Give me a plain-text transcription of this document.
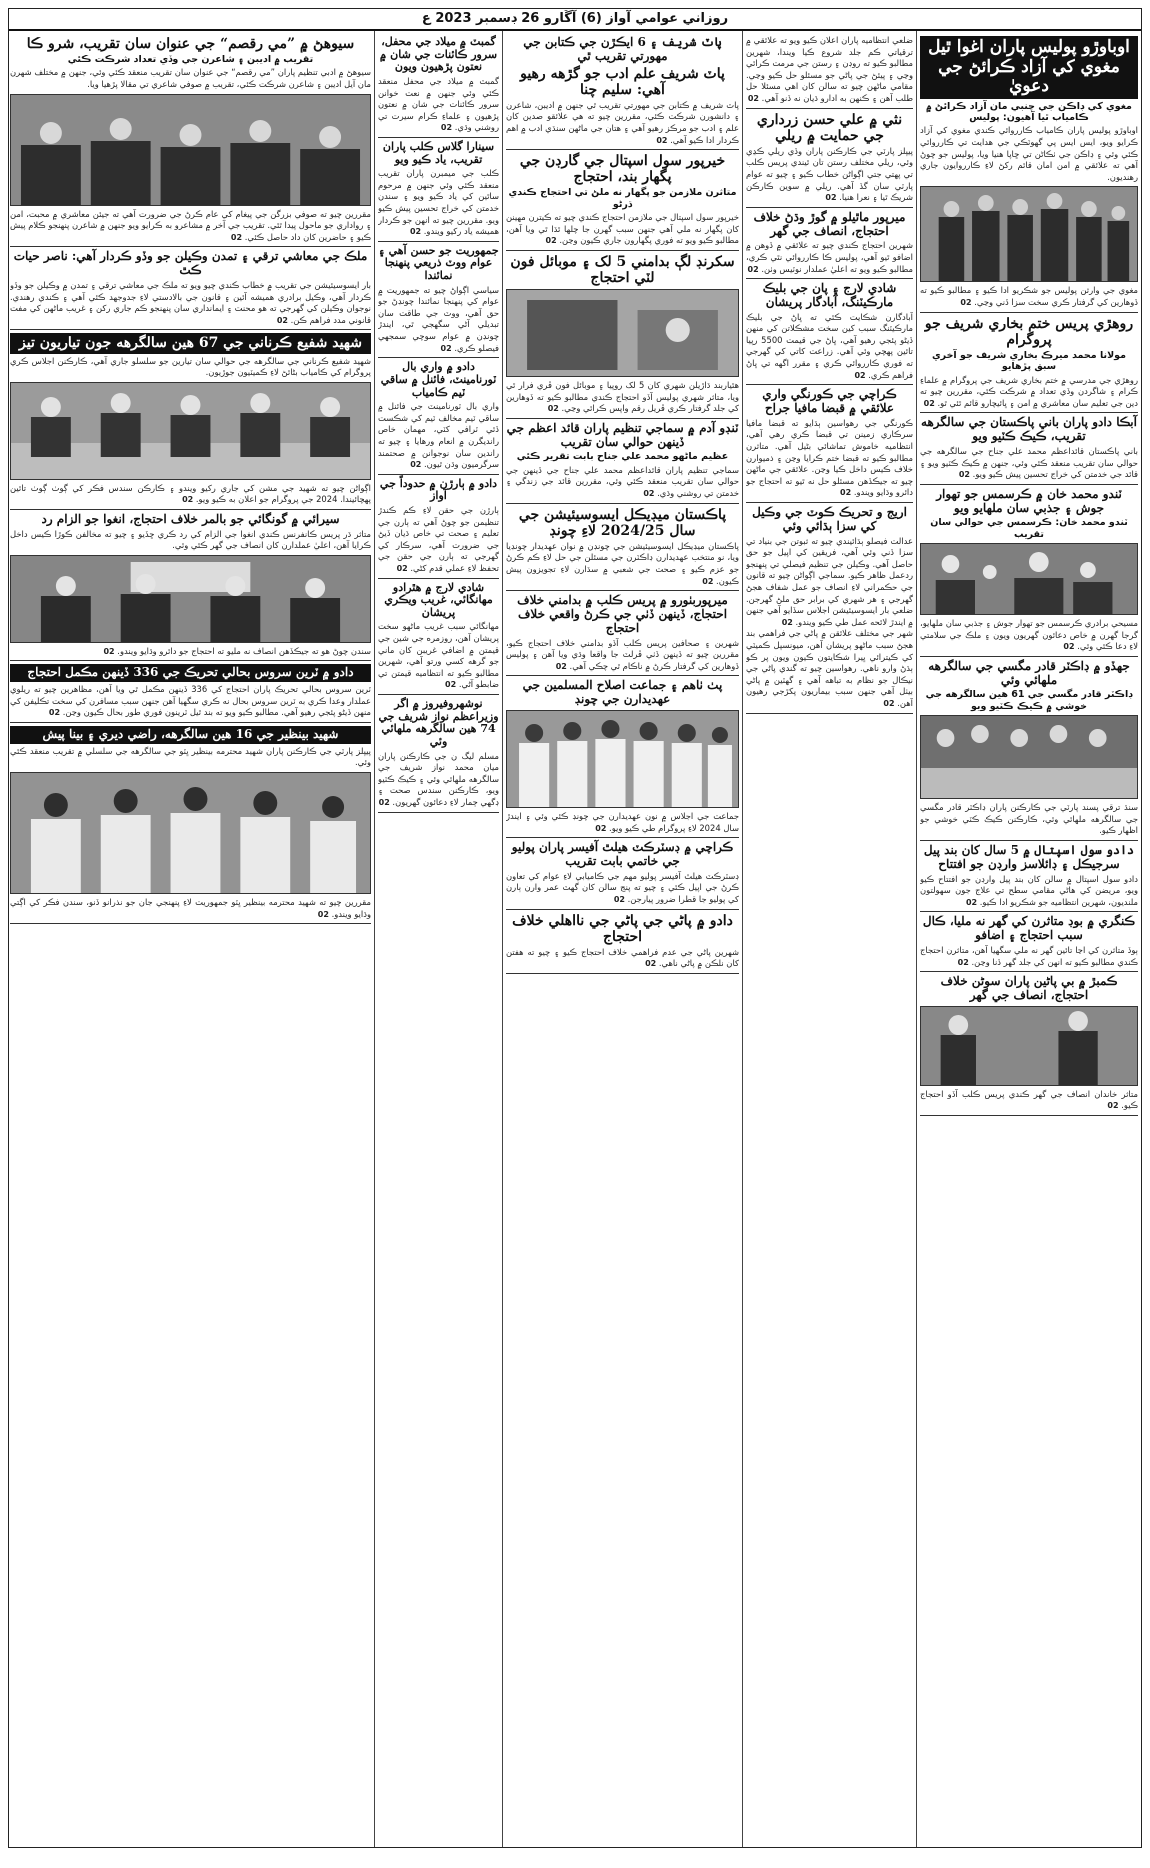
روزاني عوامي آواز (6) آڱارو 26 ڊسمبر 2023 ع
اوباوڙو پوليس پاران اغوا ٿيل مغوي کي آزاد ڪرائڻ جي دعويٰ
مغوي کي ڊاڪن جي چنبي مان آزاد ڪرائڻ ۾ ڪامياب ٿيا آهيون: پوليس

اوباوڙو پوليس پاران ڪامياب ڪارروائي ڪندي مغوي کي آزاد ڪرايو ويو، ايس ايس پي گهوٽڪي جي هدايت تي ڪارروائي ڪئي وئي ۽ ڊاڪن جي ٺڪاڻن تي ڇاپا هنيا ويا، پوليس جو چوڻ آهي ته علائقي ۾ امن امان قائم رکڻ لاءِ ڪارروايون جاري رهنديون.

مغوي جي وارثن پوليس جو شڪريو ادا ڪيو ۽ مطالبو ڪيو ته ڏوهارين کي گرفتار ڪري سخت سزا ڏني وڃي. 02

روهڙي پريس ختم بخاري شريف جو پروگرام
مولانا محمد ميرڪ بخاري شريف جو آخري سبق پڙهايو

روهڙي جي مدرسي ۾ ختم بخاري شريف جي پروگرام ۾ علماءِ ڪرام ۽ شاگردن وڏي تعداد ۾ شرڪت ڪئي، مقررين چيو ته دين جي تعليم سان معاشري ۾ امن ۽ ڀائيچارو قائم ٿئي ٿو. 02

آبڪا دادو پاران باني پاڪستان جي سالگرهه تقريب، ڪيڪ ڪٽيو ويو

باني پاڪستان قائداعظم محمد علي جناح جي سالگرهه جي حوالي سان تقريب منعقد ڪئي وئي، جنهن ۾ ڪيڪ ڪٽيو ويو ۽ قائد جي خدمتن کي خراج تحسين پيش ڪيو ويو. 02

ٽندو محمد خان ۾ ڪرسمس جو تهوار جوش ۽ جذبي سان ملهايو ويو
ٽندو محمد خان: ڪرسمس جي حوالي سان تقريب

مسيحي برادري ڪرسمس جو تهوار جوش ۽ جذبي سان ملهايو، گرجا گهرن ۾ خاص دعائون گهريون ويون ۽ ملڪ جي سلامتي لاءِ دعا ڪئي وئي. 02

جهڏو ۾ ڊاڪٽر قادر مگسي جي سالگرهه ملهائي وئي
ڊاڪٽر قادر مگسي جي 61 هين سالگرهه جي خوشي ۾ ڪيڪ ڪٽيو ويو

سنڌ ترقي پسند پارٽي جي ڪارڪنن پاران ڊاڪٽر قادر مگسي جي سالگرهه ملهائي وئي، ڪارڪنن ڪيڪ ڪٽي خوشي جو اظهار ڪيو.

دادو سول اسپتال ۾ 5 سال کان بند پيل سرجيڪل ۽ ڊائلاسز وارڊن جو افتتاح

دادو سول اسپتال ۾ سالن کان بند پيل وارڊن جو افتتاح ڪيو ويو، مريضن کي هاڻي مقامي سطح تي علاج جون سهولتون ملنديون، شهرين انتظاميه جو شڪريو ادا ڪيو. 02

ڪنگري ۾ بوڊ متاثرن کي گهر نه مليا، ڪال سبب احتجاج ۽ اضافو

ٻوڏ متاثرن کي اڃا تائين گهر نه ملي سگهيا آهن، متاثرن احتجاج ڪندي مطالبو ڪيو ته انهن کي جلد گهر ڏنا وڃن. 02

ڪمبڙ ۾ بي پاڻين پاران سوڻن خلاف احتجاج، انصاف جي گهر

متاثر خاندان انصاف جي گهر ڪندي پريس ڪلب آڏو احتجاج ڪيو. 02

ضلعي انتظاميه پاران اعلان ڪيو ويو ته علائقي ۾ ترقياتي ڪم جلد شروع ڪيا ويندا، شهرين مطالبو ڪيو ته روڊن ۽ رستن جي مرمت ڪرائي وڃي ۽ پيئڻ جي پاڻي جو مسئلو حل ڪيو وڃي. مقامي ماڻهن چيو ته سالن کان اهي مسئلا حل طلب آهن ۽ ڪنهن به ادارو ڌيان نه ڏنو آهي. 02

نثي ۾ علي حسن زرداري جي حمايت ۾ ريلي

پيپلز پارٽي جي ڪارڪنن پاران وڏي ريلي ڪڍي وئي، ريلي مختلف رستن تان ٿيندي پريس ڪلب تي پهتي جتي اڳواڻن خطاب ڪيو ۽ چيو ته عوام پارٽي سان گڏ آهي. ريلي ۾ سوين ڪارڪن شريڪ ٿيا ۽ نعرا هنيا. 02

ميرپور ماٿيلو ۾ گوڙ وڌڻ خلاف احتجاج، انصاف جي گهر

شهرين احتجاج ڪندي چيو ته علائقي ۾ ڏوهن ۾ اضافو ٿيو آهي، پوليس ڪا ڪارروائي نٿي ڪري، مطالبو ڪيو ويو ته اعليٰ عملدار نوٽيس وٺن. 02

شادي لارج ۽ پان جي بليڪ مارڪيٽنگ، آبادگار پريشان

آبادگارن شڪايت ڪئي ته ڀاڻ جي بليڪ مارڪيٽنگ سبب کين سخت مشڪلاتن کي منهن ڏيڻو پئجي رهيو آهي، ڀاڻ جي قيمت 5500 رپيا تائين پهچي وئي آهي. زراعت کاتي کي گهرجي ته فوري ڪارروائي ڪري ۽ مقرر اگهه تي ڀاڻ فراهم ڪري. 02

ڪراچي جي ڪورنگي واري علائقي ۾ قبضا مافيا جراح

ڪورنگي جي رهواسين ٻڌايو ته قبضا مافيا سرڪاري زمينن تي قبضا ڪري رهي آهي، انتظاميه خاموش تماشائي بڻيل آهي. متاثرن مطالبو ڪيو ته قبضا ختم ڪرايا وڃن ۽ ذميوارن خلاف ڪيس داخل ڪيا وڃن. علائقي جي ماڻهن چيو ته جيڪڏهن مسئلو حل نه ٿيو ته احتجاج جو دائرو وڌايو ويندو. 02

اريج و تحريڪ ڪوٽ جي وڪيل کي سزا ٻڌائي وئي

عدالت فيصلو ٻڌائيندي چيو ته ثبوتن جي بنياد تي سزا ڏني وئي آهي، فريقين کي اپيل جو حق حاصل آهي. وڪيلن جي تنظيم فيصلي تي پنهنجو ردعمل ظاهر ڪيو. سماجي اڳواڻن چيو ته قانون جي حڪمراني لاءِ انصاف جو عمل شفاف هجڻ گهرجي ۽ هر شهري کي برابر حق ملڻ گهرجن. ضلعي بار ايسوسيئيشن اجلاس سڏايو آهي جنهن ۾ ايندڙ لائحه عمل طي ڪيو ويندو. 02

شهر جي مختلف علائقن ۾ پاڻي جي فراهمي بند هجڻ سبب ماڻهو پريشان آهن، ميونسپل ڪميٽي کي ڪيترائي ڀيرا شڪايتون ڪيون ويون پر ڪو ٻڌڻ وارو ناهي. رهواسين چيو ته گندي پاڻي جي نيڪال جو نظام به تباهه آهي ۽ گهٽين ۾ پاڻي بيٺل آهي جنهن سبب بيماريون پکڙجي رهيون آهن. 02

پاٽ شريف ۽ 6 ايڪڙن جي ڪتابن جي مهورتي تقريب ٿي
پاٽ شريف علم ادب جو گڙهه رهيو آهي: سليم چنا

پاٽ شريف ۾ ڪتابن جي مهورتي تقريب ٿي جنهن ۾ اديبن، شاعرن ۽ دانشورن شرڪت ڪئي، مقررين چيو ته هي علائقو صدين کان علم ۽ ادب جو مرڪز رهيو آهي ۽ هتان جي ماڻهن سنڌي ادب ۾ اهم ڪردار ادا ڪيو آهي. 02

خيرپور سول اسپتال جي گارڊن جي پگهار بند، احتجاج
متاثرن ملازمن جو پگهار نه ملڻ تي احتجاج ڪندي ڌرڻو

خيرپور سول اسپتال جي ملازمن احتجاج ڪندي چيو ته ڪيترن مهينن کان پگهار نه ملي آهي جنهن سبب گهرن جا چلها ٿڌا ٿي ويا آهن، مطالبو ڪيو ويو ته فوري پگهارون جاري ڪيون وڃن. 02

سکرنڊ لڳ بدامني 5 لک ۽ موبائل فون لٽي احتجاج

هٿياربند ڌاڙيلن شهري کان 5 لک روپيا ۽ موبائل فون ڦري فرار ٿي ويا، متاثر شهري پوليس آڏو احتجاج ڪندي مطالبو ڪيو ته ڏوهارين کي جلد گرفتار ڪري ڦريل رقم واپس ڪرائي وڃي. 02

ٽنڊو آدم ۾ سماجي تنظيم پاران قائد اعظم جي ڏينهن حوالي سان تقريب
عظيم ماڻهو محمد علي جناح بابت تقرير ڪئي

سماجي تنظيم پاران قائداعظم محمد علي جناح جي ڏينهن جي حوالي سان تقريب منعقد ڪئي وئي، مقررين قائد جي زندگي ۽ خدمتن تي روشني وڌي. 02

پاڪستان ميڊيڪل ايسوسيئيشن جي سال 2024/25 لاءِ چونڊ

پاڪستان ميڊيڪل ايسوسيئيشن جي چونڊن ۾ نوان عهديدار چونڊيا ويا، نو منتخب عهديدارن ڊاڪٽرن جي مسئلن جي حل لاءِ ڪم ڪرڻ جو عزم ڪيو ۽ صحت جي شعبي ۾ سڌارن لاءِ تجويزون پيش ڪيون. 02

ميرپوربٺورو ۾ پريس ڪلب ۾ بدامني خلاف احتجاج، ڏينهن ڏٺي جي ڪرڻ واقعي خلاف احتجاج

شهرين ۽ صحافين پريس ڪلب آڏو بدامني خلاف احتجاج ڪيو، مقررين چيو ته ڏينهن ڏٺي ڦرلٽ جا واقعا وڌي ويا آهن ۽ پوليس ڏوهارين کي گرفتار ڪرڻ ۾ ناڪام ٿي چڪي آهي. 02

پٺ ٺاهم ۽ جماعت اصلاح المسلمين جي عهديدارن جي چونڊ

جماعت جي اجلاس ۾ نون عهديدارن جي چونڊ ڪئي وئي ۽ ايندڙ سال 2024 لاءِ پروگرام طي ڪيو ويو. 02

ڪراچي ۾ ڊسٽرڪٽ هيلٿ آفيسر پاران پوليو جي خاتمي بابت تقريب

ڊسٽرڪٽ هيلٿ آفيسر پوليو مهم جي ڪاميابي لاءِ عوام کي تعاون ڪرڻ جي اپيل ڪئي ۽ چيو ته پنج سالن کان گهٽ عمر وارن ٻارن کي پوليو جا قطرا ضرور پيارجن. 02

دادو ۾ پاڻي جي پاڻي جي نااهلي خلاف احتجاج

شهرين پاڻي جي عدم فراهمي خلاف احتجاج ڪيو ۽ چيو ته هفتن کان نلڪن ۾ پاڻي ناهي. 02

گمبٽ ۾ ميلاد جي محفل، سرور ڪائنات جي شان ۾ نعتون پڙهيون ويون

گمبٽ ۾ ميلاد جي محفل منعقد ڪئي وئي جنهن ۾ نعت خوانن سرور ڪائنات جي شان ۾ نعتون پڙهيون ۽ علماءِ ڪرام سيرت تي روشني وڌي. 02

سينارا گلاس ڪلب پاران تقريب، ياد ڪيو ويو

ڪلب جي ميمبرن پاران تقريب منعقد ڪئي وئي جنهن ۾ مرحوم ساٿين کي ياد ڪيو ويو ۽ سندن خدمتن کي خراج تحسين پيش ڪيو ويو. مقررين چيو ته انهن جو ڪردار هميشه ياد رکيو ويندو. 02

جمهوريت جو حسن آهي ۽ عوام ووٽ ذريعي پنهنجا نمائندا

سياسي اڳواڻ چيو ته جمهوريت ۾ عوام کي پنهنجا نمائندا چونڊڻ جو حق آهي، ووٽ جي طاقت سان تبديلي آڻي سگهجي ٿي، ايندڙ چونڊن ۾ عوام سوچي سمجهي فيصلو ڪري. 02

دادو ۾ واري بال ٽورنامينٽ، فائنل ۾ ساقي ٽيم ڪامياب

واري بال ٽورنامينٽ جي فائنل ۾ ساقي ٽيم مخالف ٽيم کي شڪست ڏئي ٽرافي کٽي، مهمان خاص رانديگرن ۾ انعام ورهايا ۽ چيو ته راندين سان نوجوانن ۾ صحتمند سرگرميون وڌن ٿيون. 02

دادو ۾ ٻارڙن ۾ حدوداً جي آواز

ٻارڙن جي حقن لاءِ ڪم ڪندڙ تنظيمن جو چوڻ آهي ته ٻارن جي تعليم ۽ صحت تي خاص ڌيان ڏيڻ جي ضرورت آهي، سرڪار کي گهرجي ته ٻارن جي حقن جي تحفظ لاءِ عملي قدم کڻي. 02

شادي لارج ۾ هٿرادو مهانگائي، غريب ويڪري پريشان

مهانگائي سبب غريب ماڻهو سخت پريشان آهن، روزمره جي شين جي قيمتن ۾ اضافي غريبن کان ماني جو گرهه کسي ورتو آهي، شهرين مطالبو ڪيو ته انتظاميه قيمتن تي ضابطو آڻي. 02

نوشهروفيروز ۾ اگر وزيراعظم نواز شريف جي 74 هين سالگرهه ملهائي وئي

مسلم ليگ ن جي ڪارڪنن پاران ميان محمد نواز شريف جي سالگرهه ملهائي وئي ۽ ڪيڪ ڪٽيو ويو، ڪارڪنن سندس صحت ۽ ڊگهي ڄمار لاءِ دعائون گهريون. 02

سيوهڻ ۾ ”مي رقصم“ جي عنوان سان تقريب، شرو ڪا
تقريب ۾ اديبن ۽ شاعرن جي وڏي تعداد شرڪت ڪئي

سيوهڻ ۾ ادبي تنظيم پاران ”مي رقصم“ جي عنوان سان تقريب منعقد ڪئي وئي، جنهن ۾ مختلف شهرن مان آيل اديبن ۽ شاعرن شرڪت ڪئي، تقريب ۾ صوفي شاعري تي مقالا پڙهيا ويا.

مقررين چيو ته صوفي بزرگن جي پيغام کي عام ڪرڻ جي ضرورت آهي ته جيئن معاشري ۾ محبت، امن ۽ رواداري جو ماحول پيدا ٿئي. تقريب جي آخر ۾ مشاعرو به ڪرايو ويو جنهن ۾ شاعرن پنهنجو ڪلام پيش ڪيو ۽ حاضرين کان داد حاصل ڪئي. 02

ملڪ جي معاشي ترقي ۽ تمدن وڪيلن جو وڏو ڪردار آهي: ناصر حيات ڪٿ

بار ايسوسيئيشن جي تقريب ۾ خطاب ڪندي چيو ويو ته ملڪ جي معاشي ترقي ۽ تمدن ۾ وڪيلن جو وڏو ڪردار آهي، وڪيل برادري هميشه آئين ۽ قانون جي بالادستي لاءِ جدوجهد ڪئي آهي ۽ ڪندي رهندي. نوجوان وڪيلن کي گهرجي ته هو محنت ۽ ايمانداري سان پنهنجو ڪم جاري رکن ۽ غريب ماڻهن کي مفت قانوني مدد فراهم ڪن. 02

شهيد شفيع ڪرناني جي 67 هين سالگرهه جون تياريون تيز

شهيد شفيع ڪرناني جي سالگرهه جي حوالي سان تيارين جو سلسلو جاري آهي، ڪارڪنن اجلاس ڪري پروگرام کي ڪامياب بڻائڻ لاءِ ڪميٽيون جوڙيون.

اڳواڻن چيو ته شهيد جي مشن کي جاري رکيو ويندو ۽ ڪارڪن سندس فڪر کي ڳوٺ ڳوٺ تائين پهچائيندا. 2024 جي پروگرام جو اعلان به ڪيو ويو. 02

سيرائي ۾ گونگائي جو بالمر خلاف احتجاج، انغوا جو الزام رد

متاثر ڌر پريس ڪانفرنس ڪندي انغوا جي الزام کي رد ڪري ڇڏيو ۽ چيو ته مخالفن ڪوڙا ڪيس داخل ڪرايا آهن، اعليٰ عملدارن کان انصاف جي گهر ڪئي وئي.

سندن چوڻ هو ته جيڪڏهن انصاف نه مليو ته احتجاج جو دائرو وڌايو ويندو. 02

دادو ۾ ٽرين سروس بحالي تحريڪ جي 336 ڏينهن مڪمل احتجاج

ٽرين سروس بحالي تحريڪ پاران احتجاج کي 336 ڏينهن مڪمل ٿي ويا آهن، مظاهرين چيو ته ريلوي عملدار وعدا ڪري به ٽرين سروس بحال نه ڪري سگهيا آهن جنهن سبب مسافرن کي سخت تڪليفن کي منهن ڏيڻو پئجي رهيو آهي. مطالبو ڪيو ويو ته بند ٿيل ٽرينون فوري طور بحال ڪيون وڃن. 02

شهيد بينظير جي 16 هين سالگرهه، راضي ديري ۽ بينا پيش

پيپلز پارٽي جي ڪارڪنن پاران شهيد محترمه بينظير ڀٽو جي سالگرهه جي سلسلي ۾ تقريب منعقد ڪئي وئي.

مقررين چيو ته شهيد محترمه بينظير ڀٽو جمهوريت لاءِ پنهنجي جان جو نذرانو ڏنو، سندن فڪر کي اڳتي وڌايو ويندو. 02
